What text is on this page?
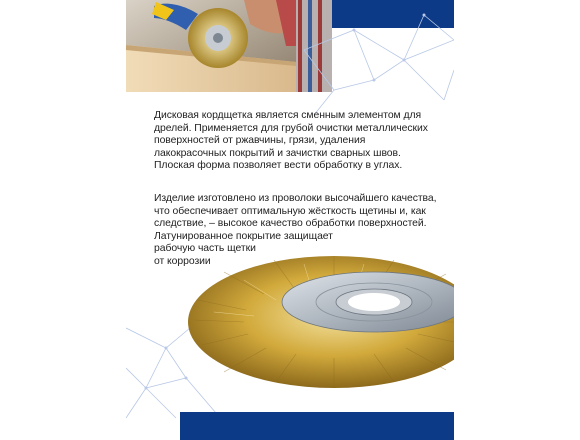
Дисковая кордщетка является сменным элементом для
дрелей. Применяется для грубой очистки металлических
поверхностей от ржавчины, грязи, удаления
лакокрасочных покрытий и зачистки сварных швов.
Плоская форма позволяет вести обработку в углах.
Изделие изготовлено из проволоки высочайшего качества,
что обеспечивает оптимальную жёсткость щетины и, как
следствие, – высокое качество обработки поверхностей.
Латунированное покрытие защищает
рабочую часть щетки
от коррозии
